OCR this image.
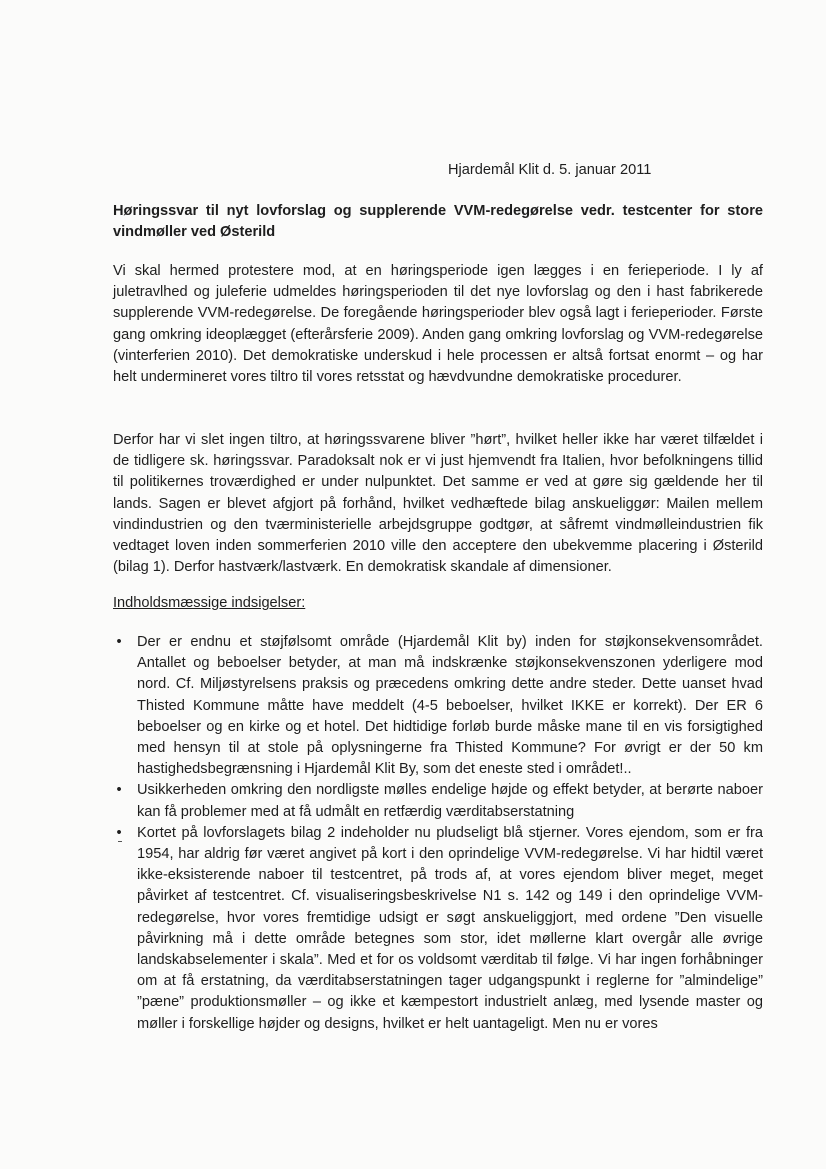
Hjardemål Klit d. 5. januar 2011
Høringssvar til nyt lovforslag og supplerende VVM-redegørelse vedr. testcenter for store vindmøller ved Østerild

Vi skal hermed protestere mod, at en høringsperiode igen lægges i en ferieperiode. I ly af juletravlhed og juleferie udmeldes høringsperioden til det nye lovforslag og den i hast fabrikerede supplerende VVM-redegørelse. De foregående høringsperioder blev også lagt i ferieperioder. Første gang omkring ideoplægget (efterårsferie 2009). Anden gang omkring lovforslag og VVM-redegørelse (vinterferien 2010). Det demokratiske underskud i hele processen er altså fortsat enormt – og har helt undermineret vores tiltro til vores retsstat og hævdvundne demokratiske procedurer.

Derfor har vi slet ingen tiltro, at høringssvarene bliver ”hørt”, hvilket heller ikke har været tilfældet i de tidligere sk. høringssvar. Paradoksalt nok er vi just hjemvendt fra Italien, hvor befolkningens tillid til politikernes troværdighed er under nulpunktet. Det samme er ved at gøre sig gældende her til lands. Sagen er blevet afgjort på forhånd, hvilket vedhæftede bilag anskueliggør: Mailen mellem vindindustrien og den tværministerielle arbejdsgruppe godtgør, at såfremt vindmølleindustrien fik vedtaget loven inden sommerferien 2010 ville den acceptere den ubekvemme placering i Østerild (bilag 1). Derfor hastværk/lastværk. En demokratisk skandale af dimensioner.

Indholdsmæssige indsigelser:
• Der er endnu et støjfølsomt område (Hjardemål Klit by) inden for støjkonsekvensområdet. Antallet og beboelser betyder, at man må indskrænke støjkonsekvenszonen yderligere mod nord. Cf. Miljøstyrelsens praksis og præcedens omkring dette andre steder. Dette uanset hvad Thisted Kommune måtte have meddelt (4-5 beboelser, hvilket IKKE er korrekt). Der ER 6 beboelser og en kirke og et hotel. Det hidtidige forløb burde måske mane til en vis forsigtighed med hensyn til at stole på oplysningerne fra Thisted Kommune? For øvrigt er der 50 km hastighedsbegrænsning i Hjardemål Klit By, som det eneste sted i området!..
• Usikkerheden omkring den nordligste mølles endelige højde og effekt betyder, at berørte naboer kan få problemer med at få udmålt en retfærdig værditabserstatning
• Kortet på lovforslagets bilag 2 indeholder nu pludseligt blå stjerner. Vores ejendom, som er fra 1954, har aldrig før været angivet på kort i den oprindelige VVM-redegørelse. Vi har hidtil været ikke-eksisterende naboer til testcentret, på trods af, at vores ejendom bliver meget, meget påvirket af testcentret. Cf. visualiseringsbeskrivelse N1 s. 142 og 149 i den oprindelige VVM-redegørelse, hvor vores fremtidige udsigt er søgt anskueliggjort, med ordene ”Den visuelle påvirkning må i dette område betegnes som stor, idet møllerne klart overgår alle øvrige landskabselementer i skala”. Med et for os voldsomt værditab til følge. Vi har ingen forhåbninger om at få erstatning, da værditabserstatningen tager udgangspunkt i reglerne for ”almindelige” ”pæne” produktionsmøller – og ikke et kæmpestort industrielt anlæg, med lysende master og møller i forskellige højder og designs, hvilket er helt uantageligt. Men nu er vores
